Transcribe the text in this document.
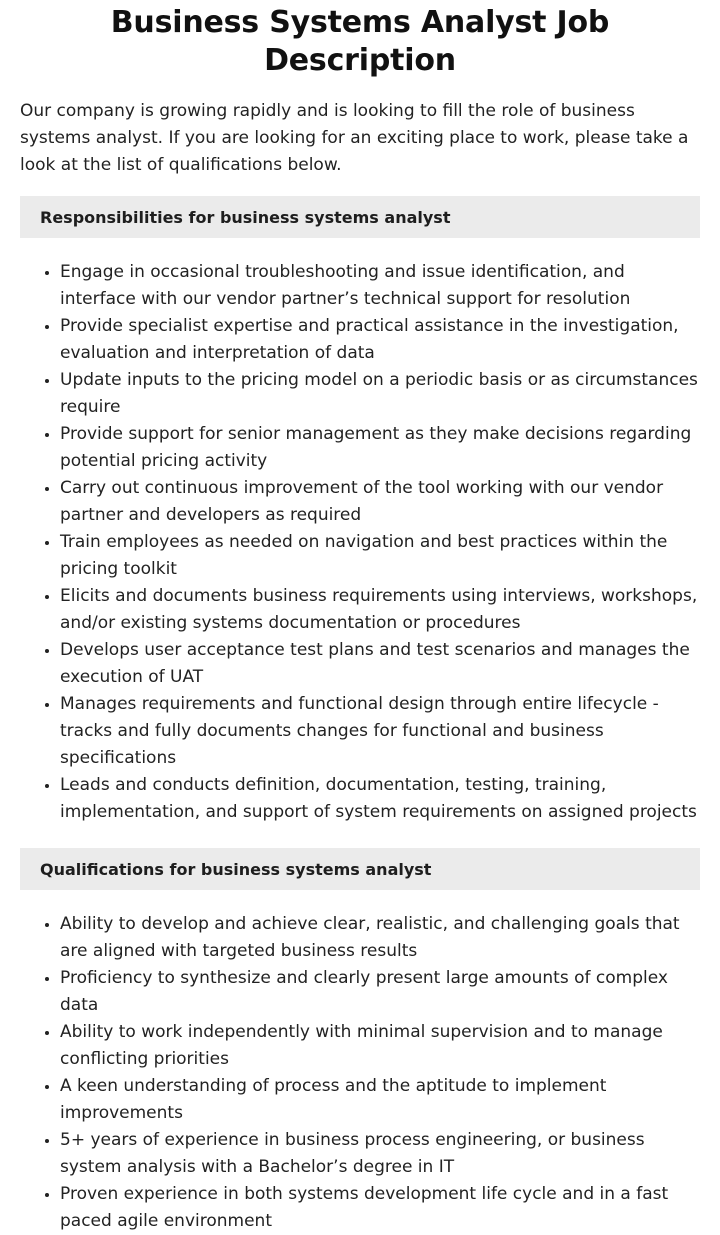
Business Systems Analyst Job Description

Our company is growing rapidly and is looking to fill the role of business systems analyst. If you are looking for an exciting place to work, please take a look at the list of qualifications below.

Responsibilities for business systems analyst
• Engage in occasional troubleshooting and issue identification, and interface with our vendor partner’s technical support for resolution
• Provide specialist expertise and practical assistance in the investigation, evaluation and interpretation of data
• Update inputs to the pricing model on a periodic basis or as circumstances require
• Provide support for senior management as they make decisions regarding potential pricing activity
• Carry out continuous improvement of the tool working with our vendor partner and developers as required
• Train employees as needed on navigation and best practices within the pricing toolkit
• Elicits and documents business requirements using interviews, workshops, and/or existing systems documentation or procedures
• Develops user acceptance test plans and test scenarios and manages the execution of UAT
• Manages requirements and functional design through entire lifecycle - tracks and fully documents changes for functional and business specifications
• Leads and conducts definition, documentation, testing, training, implementation, and support of system requirements on assigned projects
Qualifications for business systems analyst
• Ability to develop and achieve clear, realistic, and challenging goals that are aligned with targeted business results
• Proficiency to synthesize and clearly present large amounts of complex data
• Ability to work independently with minimal supervision and to manage conflicting priorities
• A keen understanding of process and the aptitude to implement improvements
• 5+ years of experience in business process engineering, or business system analysis with a Bachelor’s degree in IT
• Proven experience in both systems development life cycle and in a fast paced agile environment
